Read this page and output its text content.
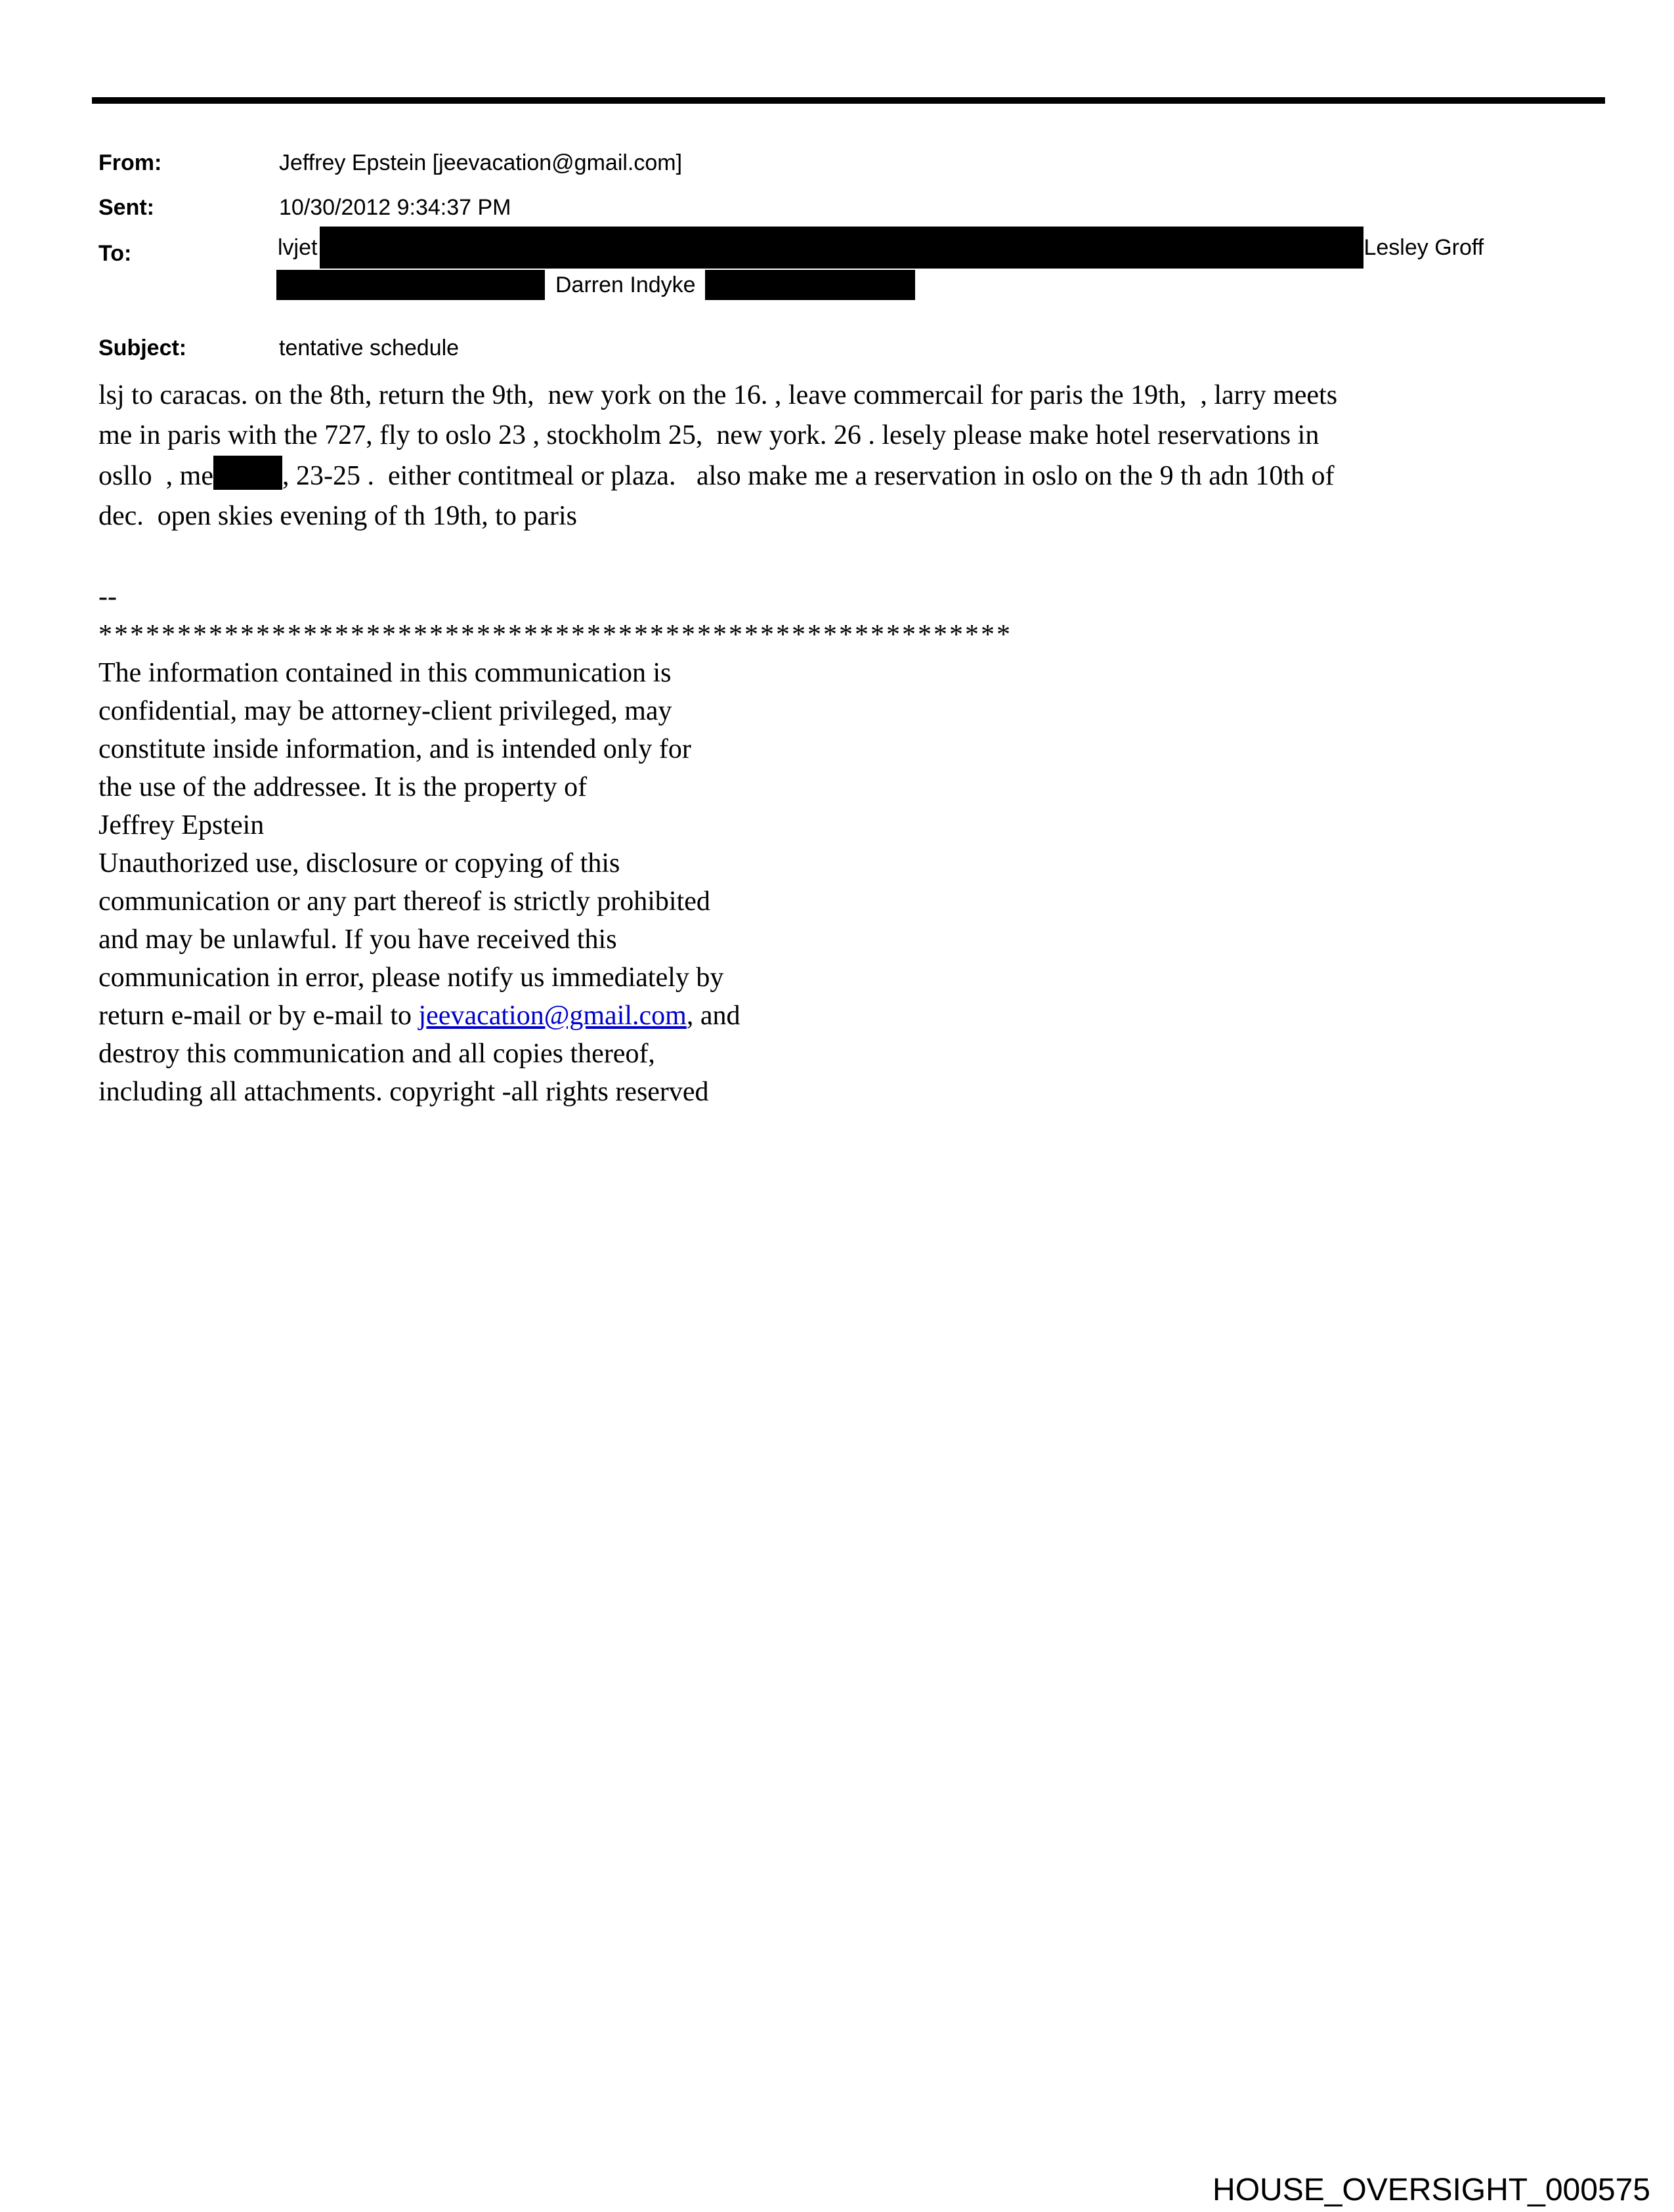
From:	Jeffrey Epstein [jeevacation@gmail.com]
Sent:	10/30/2012 9:34:37 PM
To:	lvjet	Lesley Groff
Darren Indyke
Subject:	tentative schedule
lsj to caracas. on the 8th, return the 9th,  new york on the 16. , leave commercail for paris the 19th,  , larry meets
me in paris with the 727, fly to oslo 23 , stockholm 25,  new york. 26 . lesely please make hotel reservations in
osllo  , me	, 23-25 .  either contitmeal or plaza.   also make me a reservation in oslo on the 9 th adn 10th of
dec.  open skies evening of th 19th, to paris
--
**********************************************************
The information contained in this communication is
confidential, may be attorney-client privileged, may
constitute inside information, and is intended only for
the use of the addressee. It is the property of
Jeffrey Epstein
Unauthorized use, disclosure or copying of this
communication or any part thereof is strictly prohibited
and may be unlawful. If you have received this
communication in error, please notify us immediately by
return e-mail or by e-mail to jeevacation@gmail.com, and
destroy this communication and all copies thereof,
including all attachments. copyright -all rights reserved
HOUSE_OVERSIGHT_000575
